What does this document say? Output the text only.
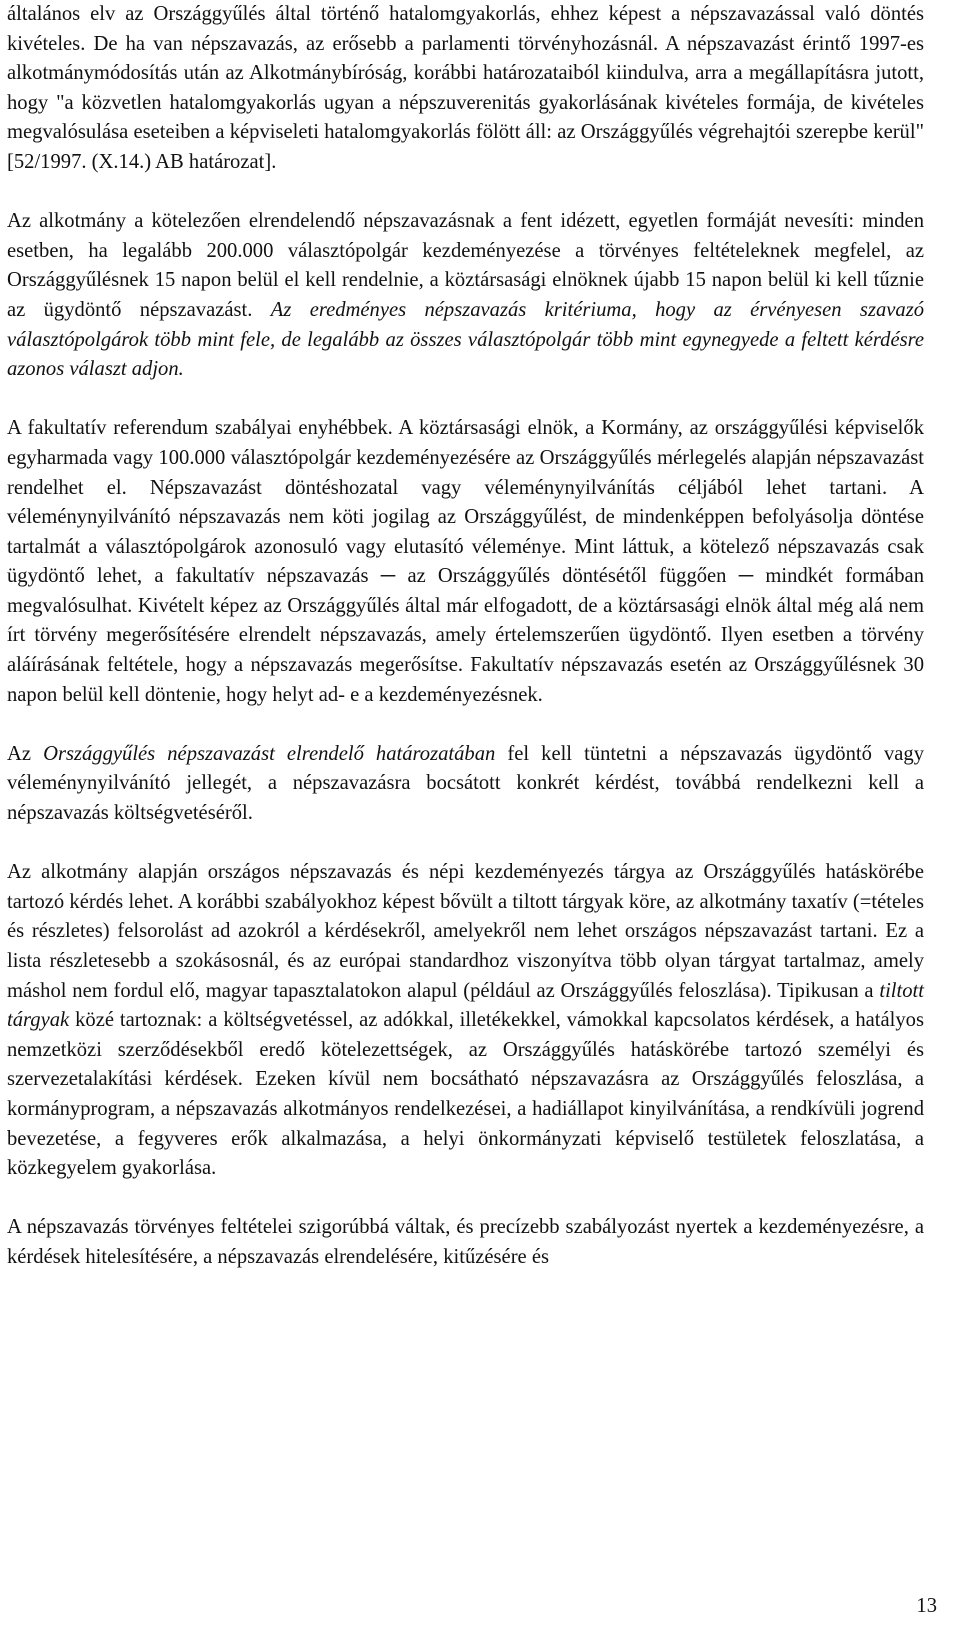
általános elv az Országgyűlés által történő hatalomgyakorlás, ehhez képest a népszavazással való döntés kivételes. De ha van népszavazás, az erősebb a parlamenti törvényhozásnál. A népszavazást érintő 1997-es alkotmánymódosítás után az Alkotmánybíróság, korábbi határozataiból kiindulva, arra a megállapításra jutott, hogy "a közvetlen hatalomgyakorlás ugyan a népszuverenitás gyakorlásának kivételes formája, de kivételes megvalósulása eseteiben a képviseleti hatalomgyakorlás fölött áll: az Országgyűlés végrehajtói szerepbe kerül" [52/1997. (X.14.) AB határozat].

Az alkotmány a kötelezően elrendelendő népszavazásnak a fent idézett, egyetlen formáját nevesíti: minden esetben, ha legalább 200.000 választópolgár kezdeményezése a törvényes feltételeknek megfelel, az Országgyűlésnek 15 napon belül el kell rendelnie, a köztársasági elnöknek újabb 15 napon belül ki kell tűznie az ügydöntő népszavazást. Az eredményes népszavazás kritériuma, hogy az érvényesen szavazó választópolgárok több mint fele, de legalább az összes választópolgár több mint egynegyede a feltett kérdésre azonos választ adjon.

A fakultatív referendum szabályai enyhébbek. A köztársasági elnök, a Kormány, az országgyűlési képviselők egyharmada vagy 100.000 választópolgár kezdeményezésére az Országgyűlés mérlegelés alapján népszavazást rendelhet el. Népszavazást döntéshozatal vagy véleménynyilvánítás céljából lehet tartani. A véleménynyilvánító népszavazás nem köti jogilag az Országgyűlést, de mindenképpen befolyásolja döntése tartalmát a választópolgárok azonosuló vagy elutasító véleménye. Mint láttuk, a kötelező népszavazás csak ügydöntő lehet, a fakultatív népszavazás ─ az Országgyűlés döntésétől függően ─ mindkét formában megvalósulhat. Kivételt képez az Országgyűlés által már elfogadott, de a köztársasági elnök által még alá nem írt törvény megerősítésére elrendelt népszavazás, amely értelemszerűen ügydöntő. Ilyen esetben a törvény aláírásának feltétele, hogy a népszavazás megerősítse. Fakultatív népszavazás esetén az Országgyűlésnek 30 napon belül kell döntenie, hogy helyt ad- e a kezdeményezésnek.

Az Országgyűlés népszavazást elrendelő határozatában fel kell tüntetni a népszavazás ügydöntő vagy véleménynyilvánító jellegét, a népszavazásra bocsátott konkrét kérdést, továbbá rendelkezni kell a népszavazás költségvetéséről.

Az alkotmány alapján országos népszavazás és népi kezdeményezés tárgya az Országgyűlés hatáskörébe tartozó kérdés lehet. A korábbi szabályokhoz képest bővült a tiltott tárgyak köre, az alkotmány taxatív (=tételes és részletes) felsorolást ad azokról a kérdésekről, amelyekről nem lehet országos népszavazást tartani. Ez a lista részletesebb a szokásosnál, és az európai standardhoz viszonyítva több olyan tárgyat tartalmaz, amely máshol nem fordul elő, magyar tapasztalatokon alapul (például az Országgyűlés feloszlása). Tipikusan a tiltott tárgyak közé tartoznak: a költségvetéssel, az adókkal, illetékekkel, vámokkal kapcsolatos kérdések, a hatályos nemzetközi szerződésekből eredő kötelezettségek, az Országgyűlés hatáskörébe tartozó személyi és szervezetalakítási kérdések. Ezeken kívül nem bocsátható népszavazásra az Országgyűlés feloszlása, a kormányprogram, a népszavazás alkotmányos rendelkezései, a hadiállapot kinyilvánítása, a rendkívüli jogrend bevezetése, a fegyveres erők alkalmazása, a helyi önkormányzati képviselő testületek feloszlatása, a közkegyelem gyakorlása.

A népszavazás törvényes feltételei szigorúbbá váltak, és precízebb szabályozást nyertek a kezdeményezésre, a kérdések hitelesítésére, a népszavazás elrendelésére, kitűzésére és

13
